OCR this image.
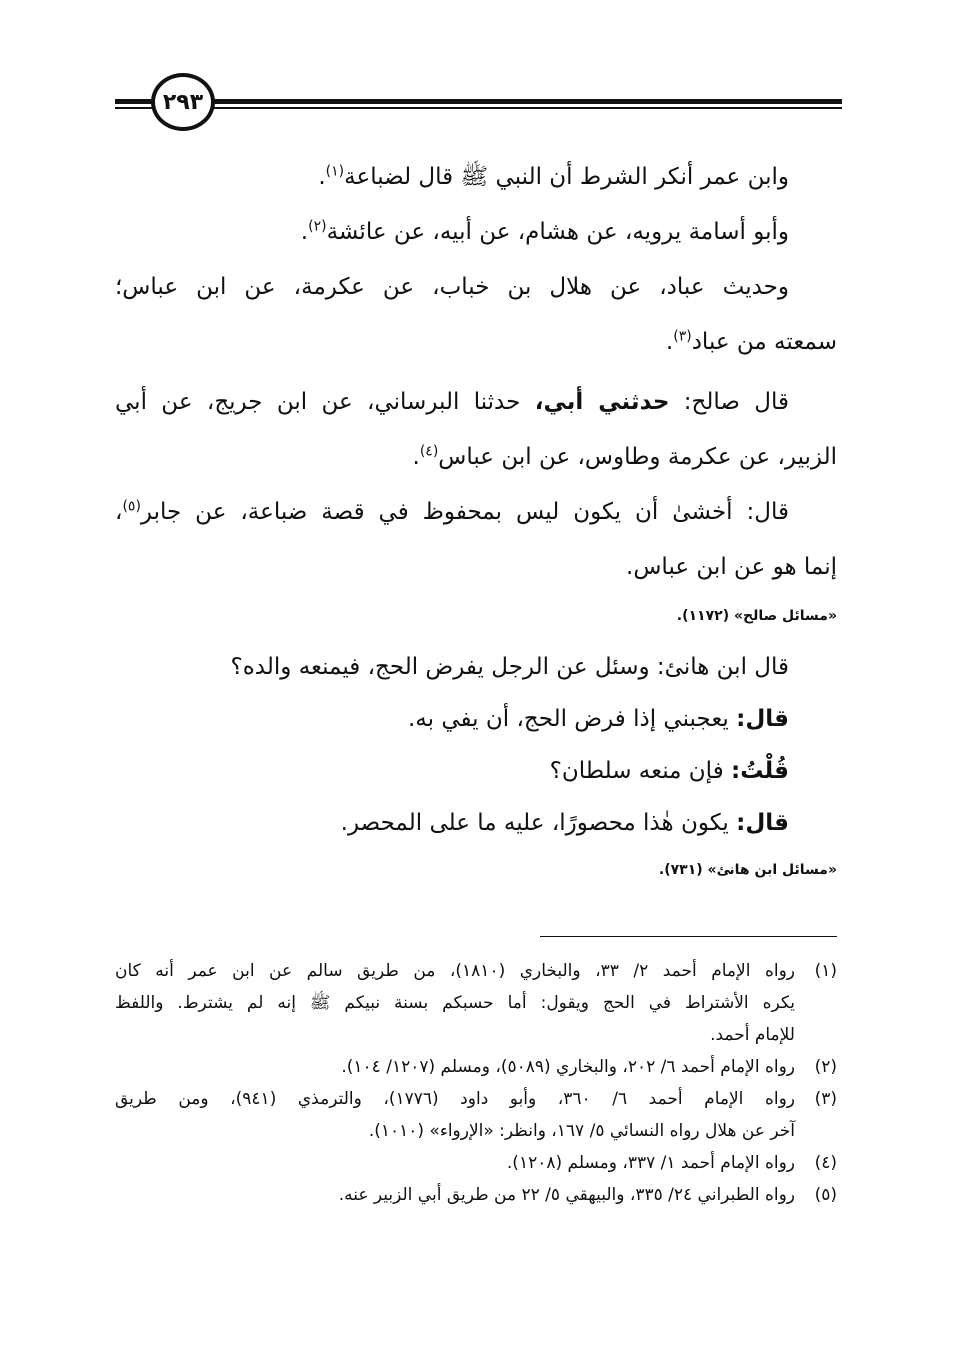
٢٩٣
وابن عمر أنكر الشرط أن النبي ﷺ قال لضباعة$^{(١)}$.
وأبو أسامة يرويه، عن هشام، عن أبيه، عن عائشة$^{(٢)}$.
وحديث عباد، عن هلال بن خباب، عن عكرمة، عن ابن عباس؛
سمعته من عباد$^{(٣)}$.
قال صالح: حدثني أبي، حدثنا البرساني، عن ابن جريج، عن أبي
الزبير، عن عكرمة وطاوس، عن ابن عباس$^{(٤)}$.
قال: أخشىٰ أن يكون ليس بمحفوظ في قصة ضباعة، عن جابر$^{(٥)}$،
إنما هو عن ابن عباس.
«مسائل صالح» (١١٧٢).
قال ابن هانئ: وسئل عن الرجل يفرض الحج، فيمنعه والده؟
قال: يعجبني إذا فرض الحج، أن يفي به.
قُلْتُ: فإن منعه سلطان؟
قال: يكون هٰذا محصورًا، عليه ما على المحصر.
«مسائل ابن هانئ» (٧٣١).
(١)رواه الإمام أحمد ٢/ ٣٣، والبخاري (١٨١٠)، من طريق سالم عن ابن عمر أنه كان
يكره الأشتراط في الحج ويقول: أما حسبكم بسنة نبيكم ﷺ إنه لم يشترط. واللفظ
للإمام أحمد.
(٢)رواه الإمام أحمد ٦/ ٢٠٢، والبخاري (٥٠٨٩)، ومسلم (١٢٠٧/ ١٠٤).
(٣)رواه الإمام أحمد ٦/ ٣٦٠، وأبو داود (١٧٧٦)، والترمذي (٩٤١)، ومن طريق
آخر عن هلال رواه النسائي ٥/ ١٦٧، وانظر: «الإرواء» (١٠١٠).
(٤)رواه الإمام أحمد ١/ ٣٣٧، ومسلم (١٢٠٨).
(٥)رواه الطبراني ٢٤/ ٣٣٥، والبيهقي ٥/ ٢٢ من طريق أبي الزبير عنه.
